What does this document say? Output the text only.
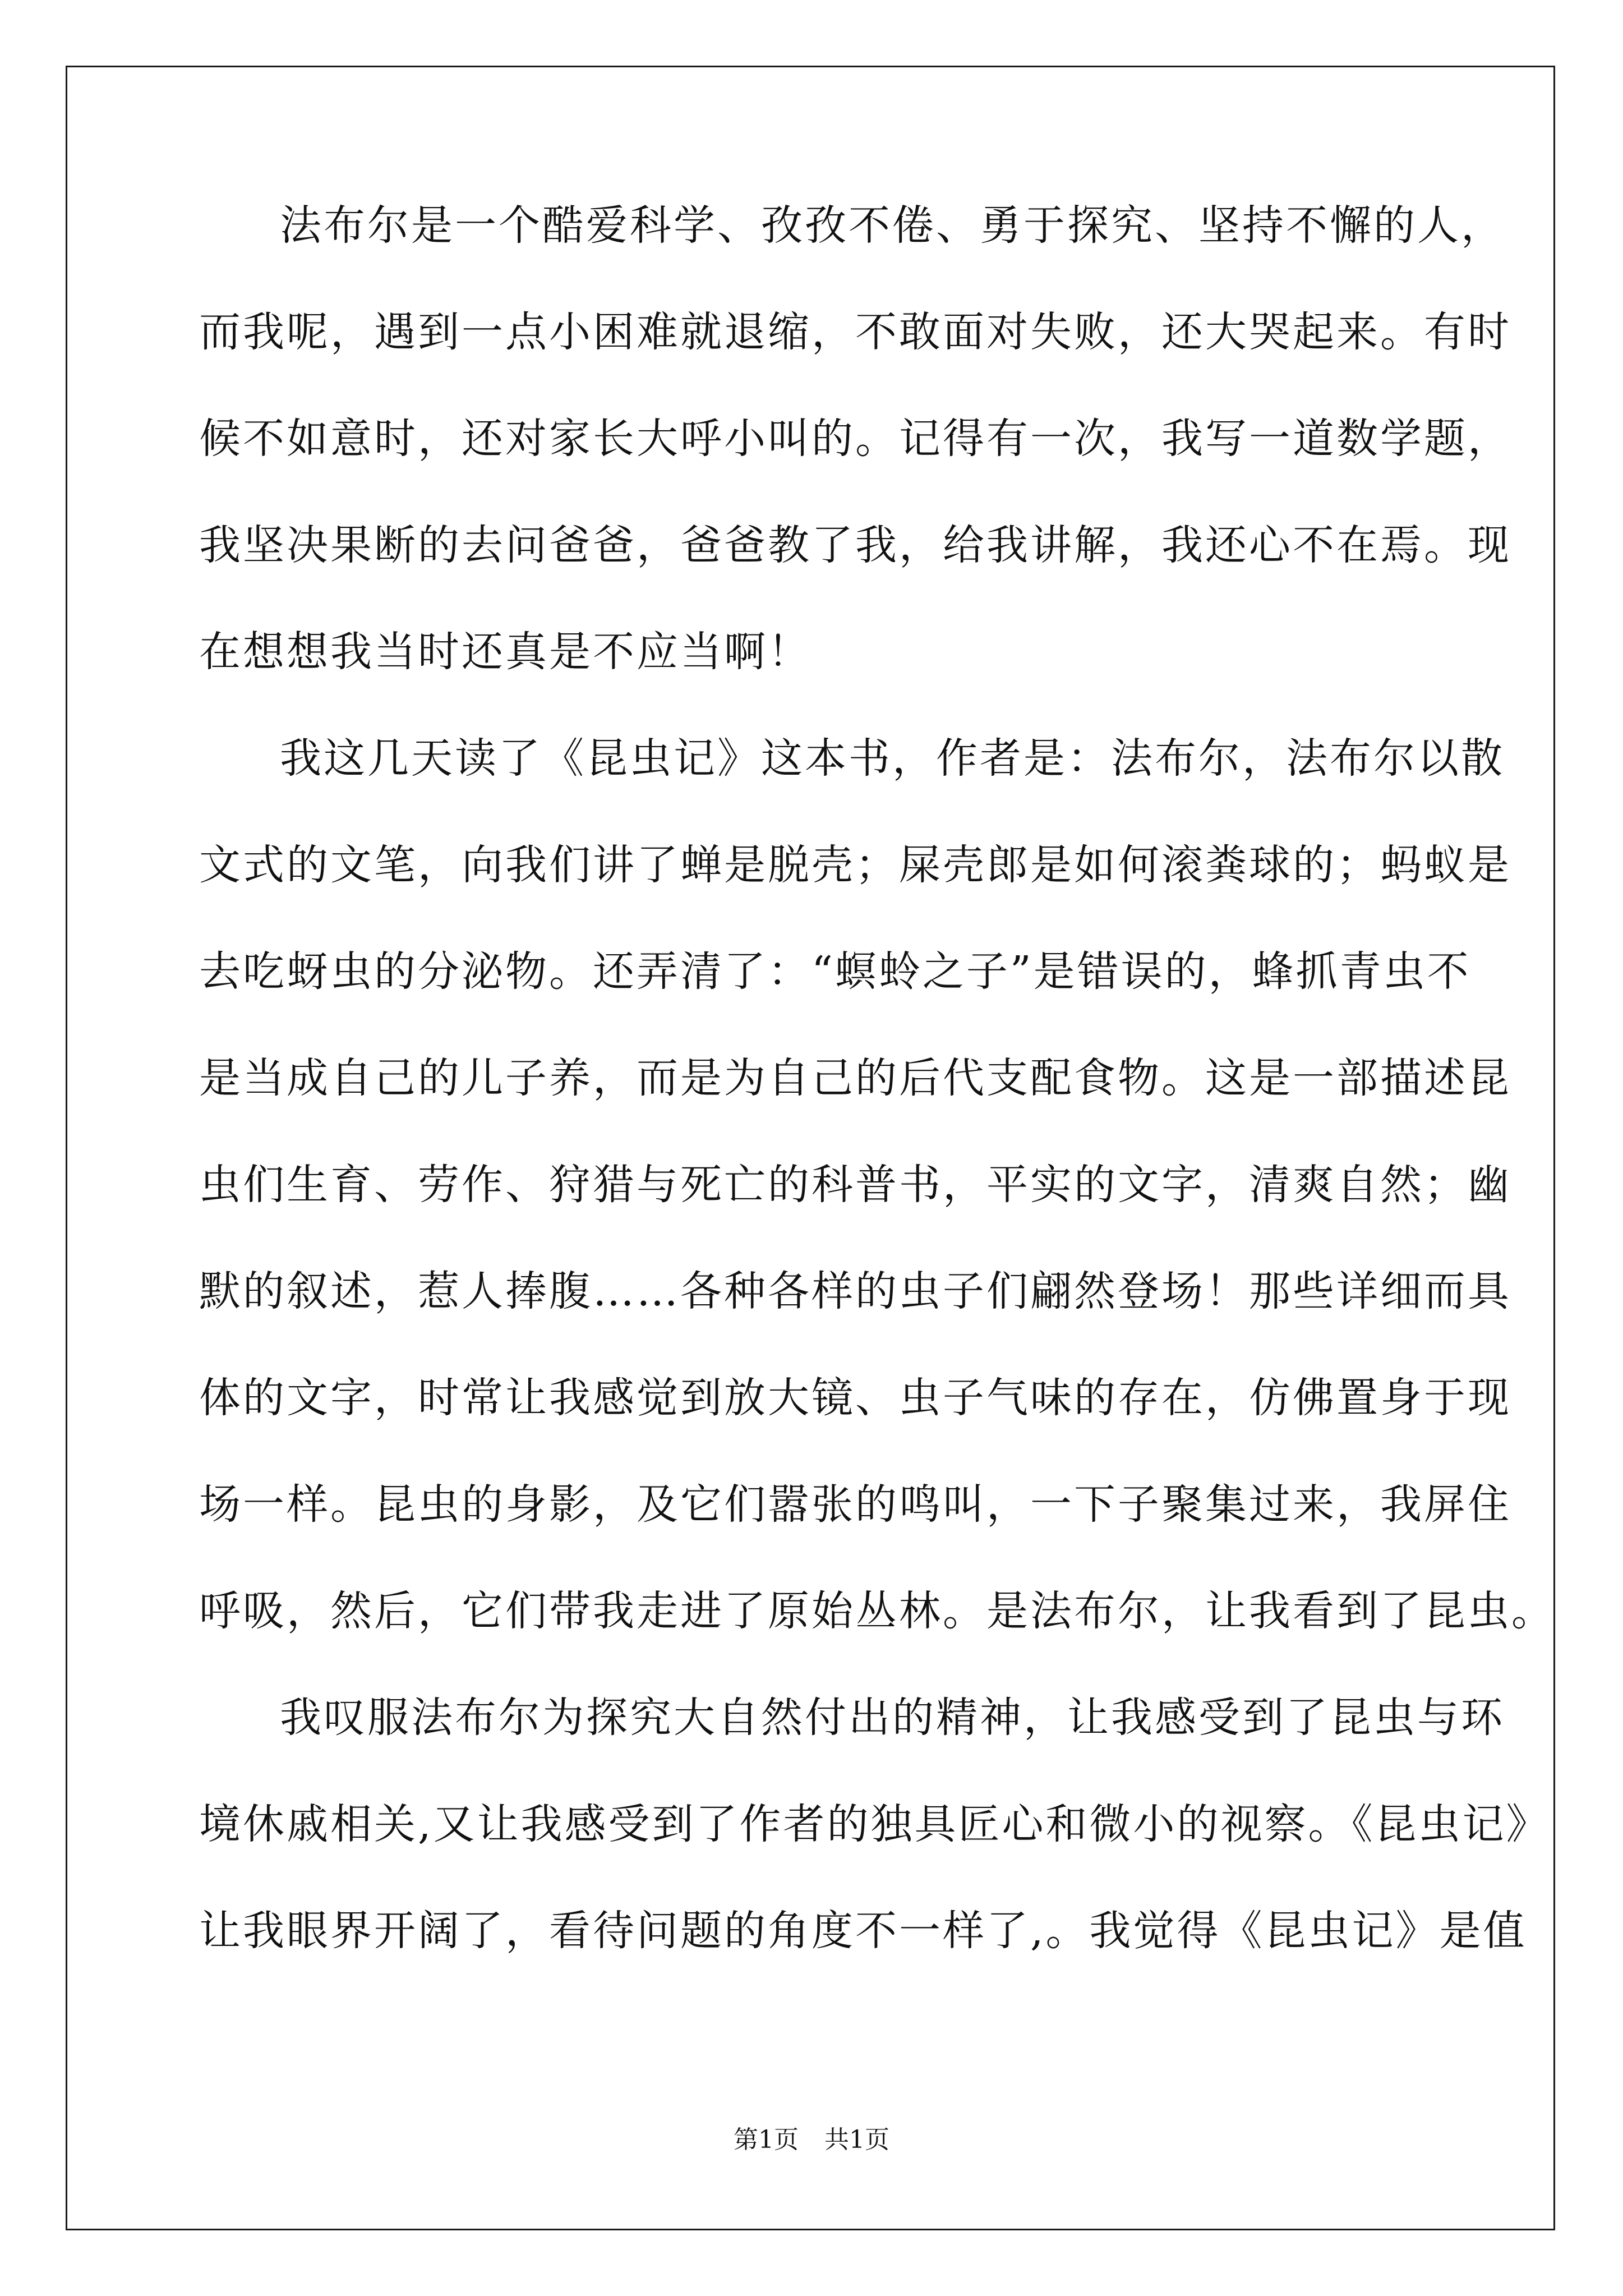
法布尔是一个酷爱科学、孜孜不倦、勇于探究、坚持不懈的人，
而我呢，遇到一点小困难就退缩，不敢面对失败，还大哭起来。有时
候不如意时，还对家长大呼小叫的。记得有一次，我写一道数学题，
我坚决果断的去问爸爸，爸爸教了我，给我讲解，我还心不在焉。现
在想想我当时还真是不应当啊！
我这几天读了《昆虫记》这本书，作者是：法布尔，法布尔以散
文式的文笔，向我们讲了蝉是脱壳；屎壳郎是如何滚粪球的；蚂蚁是
去吃蚜虫的分泌物。还弄清了：“螟蛉之子”是错误的，蜂抓青虫不
是当成自己的儿子养，而是为自己的后代支配食物。这是一部描述昆
虫们生育、劳作、狩猎与死亡的科普书，平实的文字，清爽自然；幽
默的叙述，惹人捧腹……各种各样的虫子们翩然登场！那些详细而具
体的文字，时常让我感觉到放大镜、虫子气味的存在，仿佛置身于现
场一样。昆虫的身影，及它们嚣张的鸣叫，一下子聚集过来，我屏住
呼吸，然后，它们带我走进了原始丛林。是法布尔，让我看到了昆虫。
我叹服法布尔为探究大自然付出的精神，让我感受到了昆虫与环
境休戚相关,又让我感受到了作者的独具匠心和微小的视察。《昆虫记》
让我眼界开阔了，看待问题的角度不一样了,。我觉得《昆虫记》是值
第1页 共1页
